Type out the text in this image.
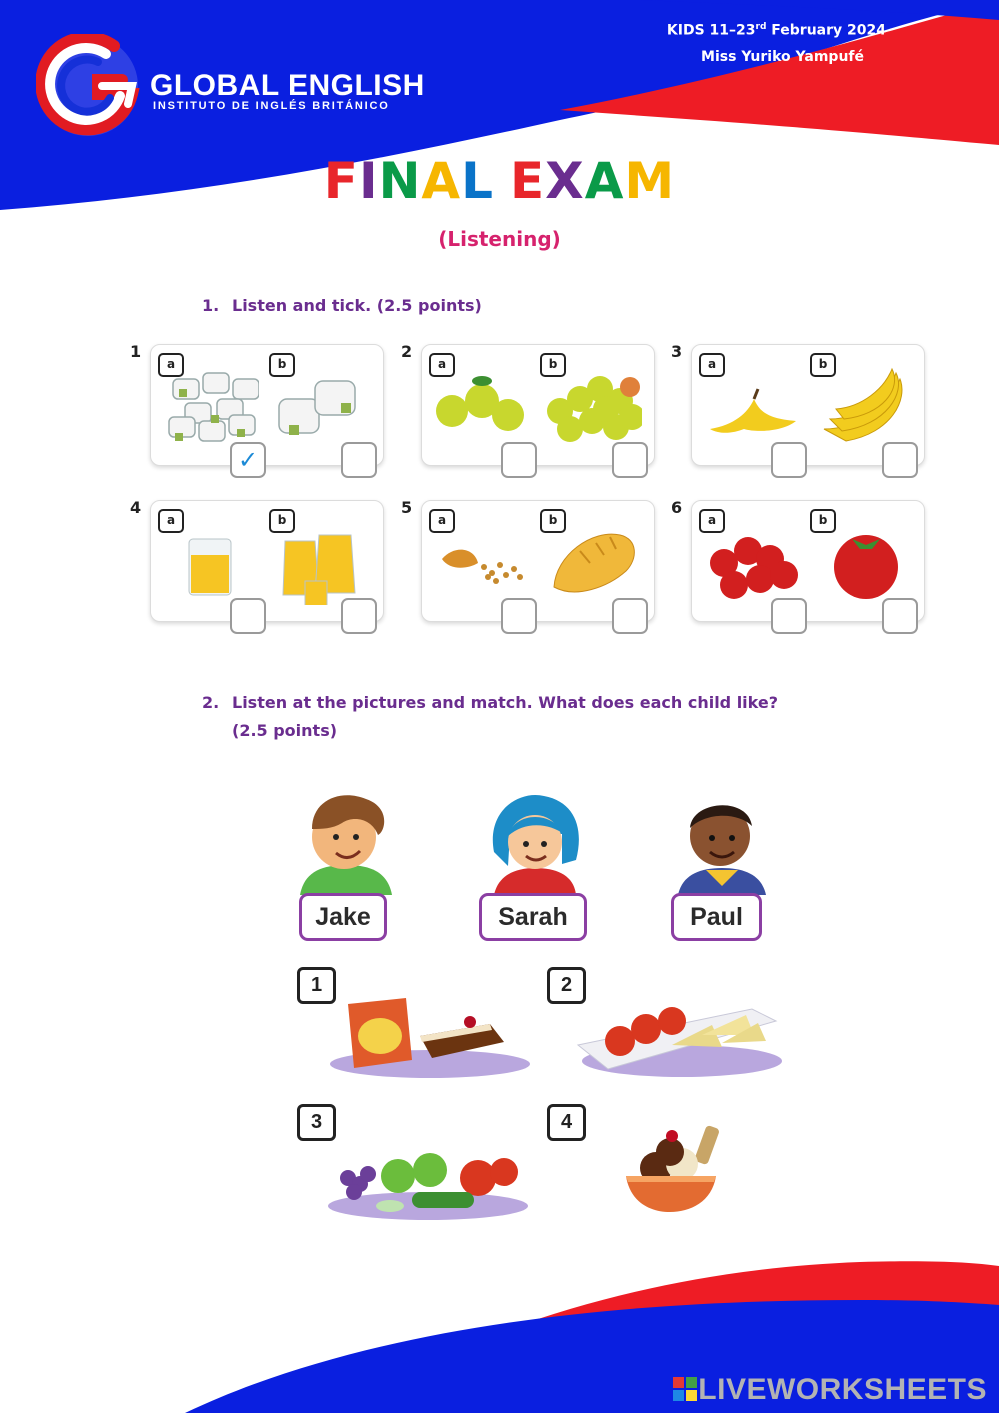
GLOBAL ENGLISH
INSTITUTO DE INGLÉS BRITÁNICO
KIDS 11–23rd February 2024
Miss Yuriko Yampufé
FINAL EXAM
(Listening)
1. Listen and tick. (2.5 points)
1
a
✓
b
2
a	b
3
a	b
4
a	b
5
a	b
6
a	b
2. Listen at the pictures and match. What does each child like?
(2.5 points)
Jake	Sarah	Paul
1	2
3	4
LIVEWORKSHEETS
